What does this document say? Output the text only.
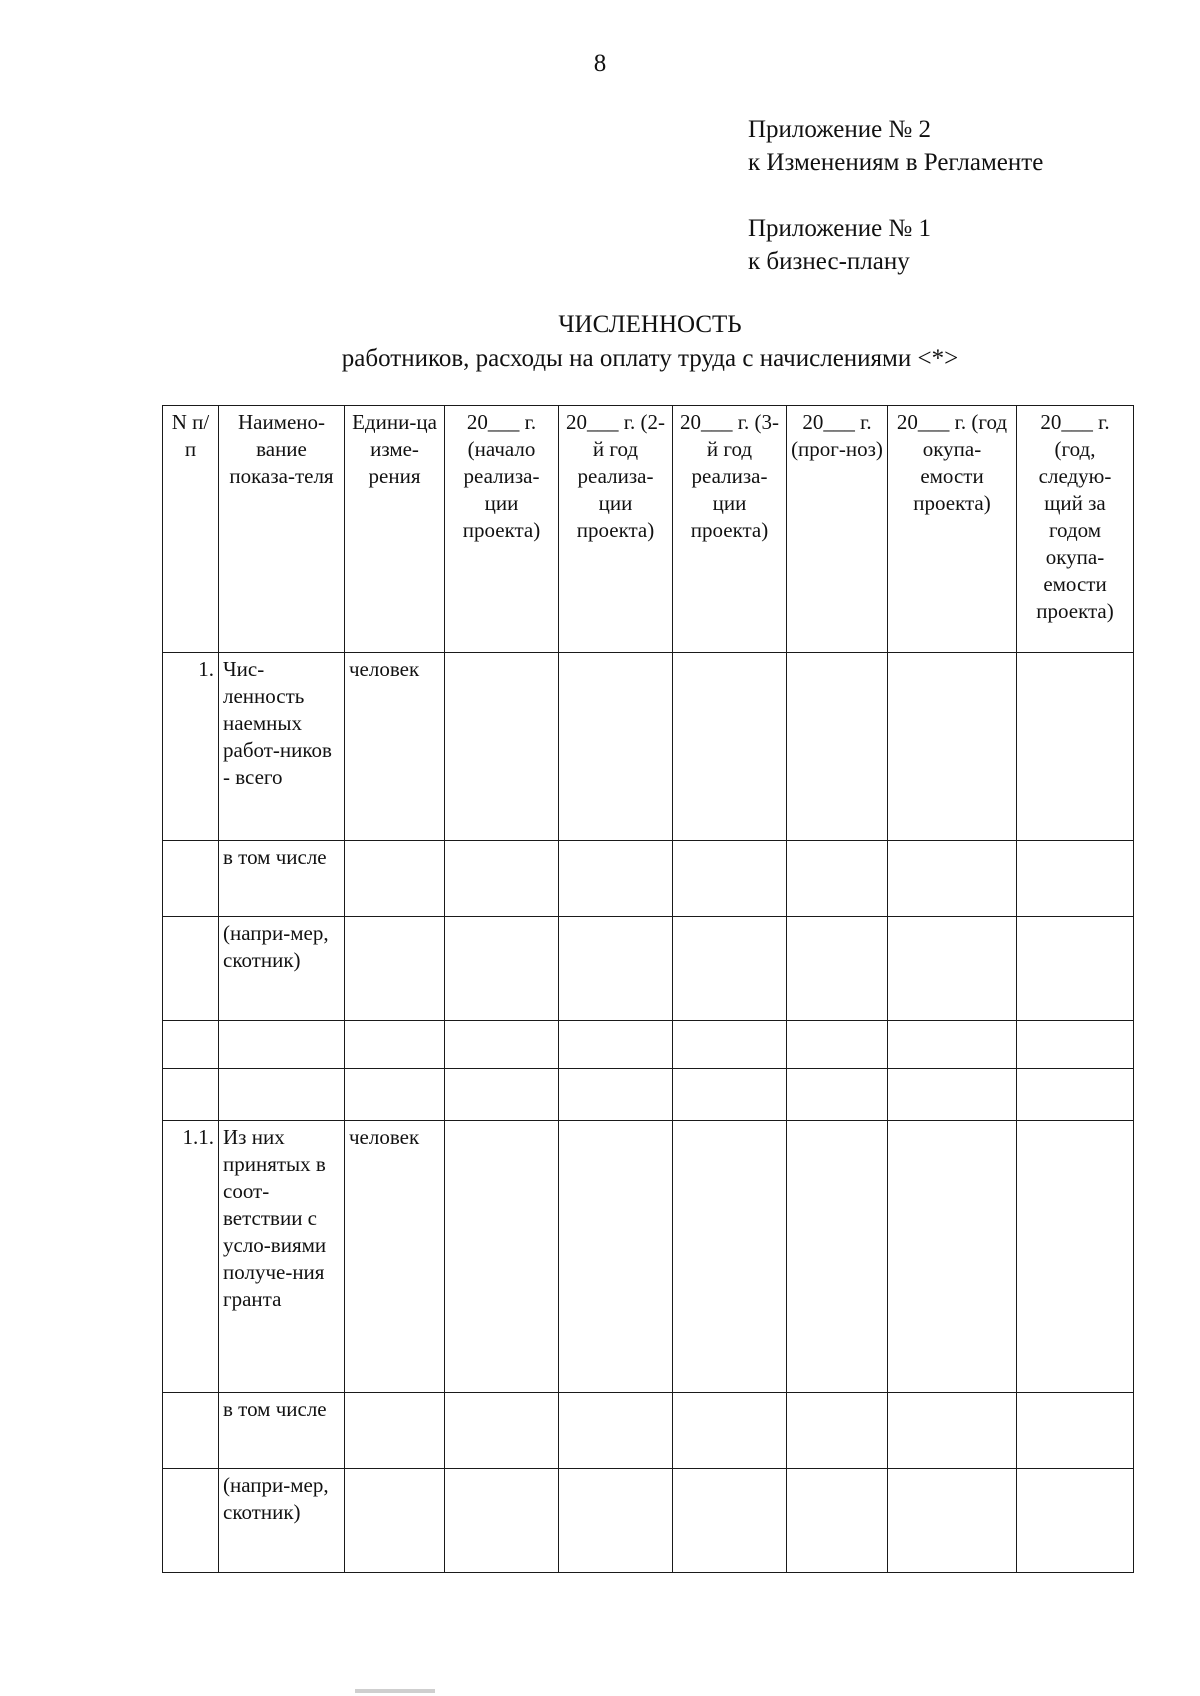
8
Приложение № 2
к Изменениям в Регламенте
Приложение № 1
к бизнес-плану
ЧИСЛЕННОСТЬ
работников, расходы на оплату труда с начислениями <*>
N п/п	Наимено-вание показа-теля	Едини-ца изме-рения	20___ г. (начало реализа-ции проекта)	20___ г. (2-й год реализа-ции проекта)	20___ г. (3-й год реализа-ции проекта)	20___ г. (прог-ноз)	20___ г. (год окупа-емости проекта)	20___ г. (год, следую-щий за годом окупа-емости проекта)
1.	Чис-ленность наемных работ-ников - всего	человек						
	в том числе							
	(напри-мер, скотник)							

1.1.	Из них принятых в соот-ветствии с усло-виями получе-ния гранта	человек						
	в том числе							
	(напри-мер, скотник)							
